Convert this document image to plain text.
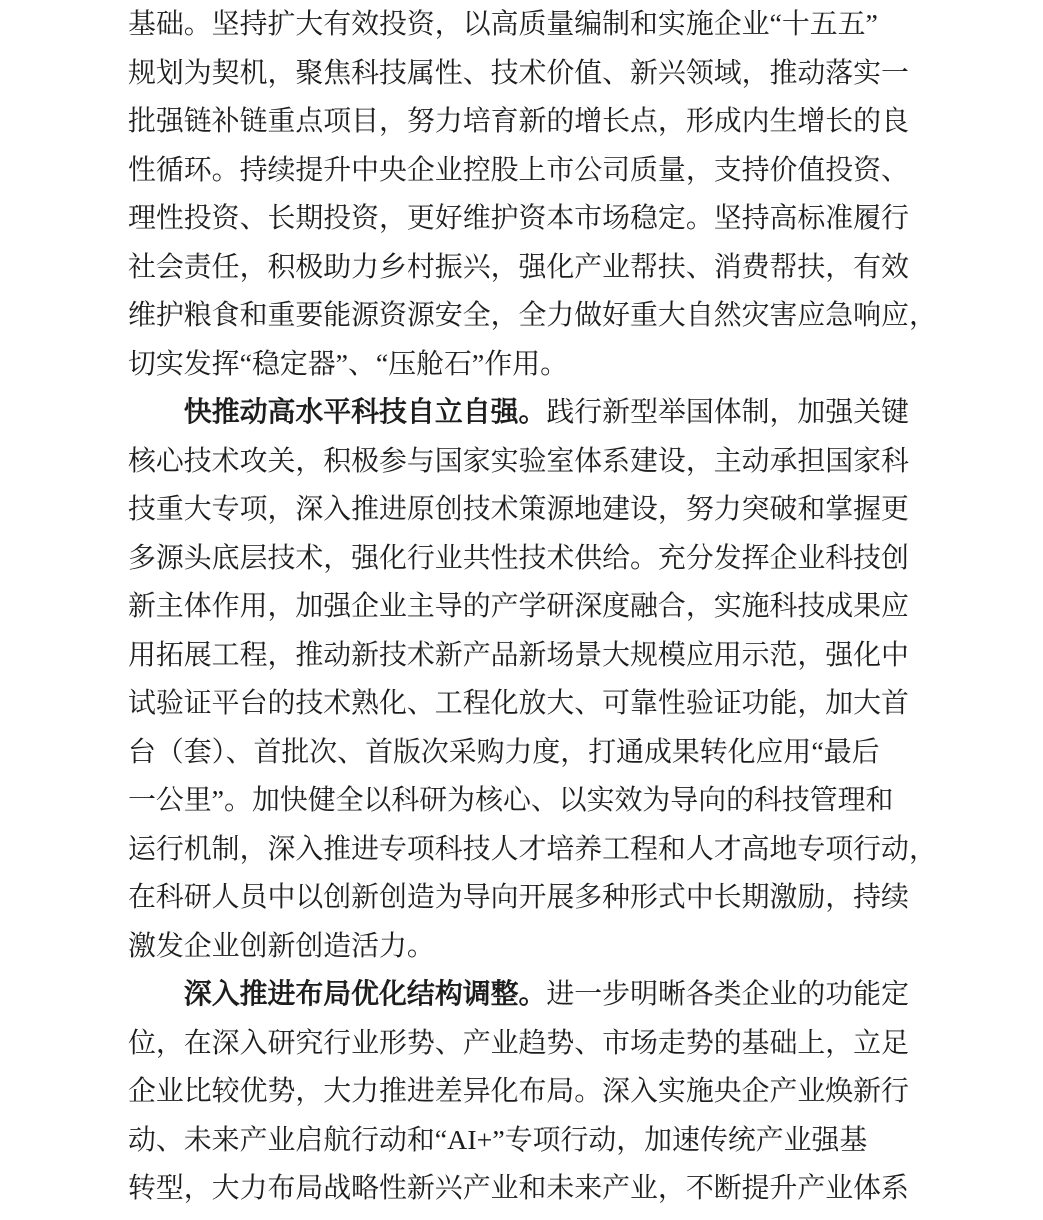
基础。坚持扩大有效投资，以高质量编制和实施企业“十五五”
规划为契机，聚焦科技属性、技术价值、新兴领域，推动落实一
批强链补链重点项目，努力培育新的增长点，形成内生增长的良
性循环。持续提升中央企业控股上市公司质量，支持价值投资、
理性投资、长期投资，更好维护资本市场稳定。坚持高标准履行
社会责任，积极助力乡村振兴，强化产业帮扶、消费帮扶，有效
维护粮食和重要能源资源安全，全力做好重大自然灾害应急响应，
切实发挥“稳定器”、“压舱石”作用。
快推动高水平科技自立自强。践行新型举国体制，加强关键
核心技术攻关，积极参与国家实验室体系建设，主动承担国家科
技重大专项，深入推进原创技术策源地建设，努力突破和掌握更
多源头底层技术，强化行业共性技术供给。充分发挥企业科技创
新主体作用，加强企业主导的产学研深度融合，实施科技成果应
用拓展工程，推动新技术新产品新场景大规模应用示范，强化中
试验证平台的技术熟化、工程化放大、可靠性验证功能，加大首
台（套）、首批次、首版次采购力度，打通成果转化应用“最后
一公里”。加快健全以科研为核心、以实效为导向的科技管理和
运行机制，深入推进专项科技人才培养工程和人才高地专项行动，
在科研人员中以创新创造为导向开展多种形式中长期激励，持续
激发企业创新创造活力。
深入推进布局优化结构调整。进一步明晰各类企业的功能定
位，在深入研究行业形势、产业趋势、市场走势的基础上，立足
企业比较优势，大力推进差异化布局。深入实施央企产业焕新行
动、未来产业启航行动和“AI+”专项行动，加速传统产业强基
转型，大力布局战略性新兴产业和未来产业，不断提升产业体系
